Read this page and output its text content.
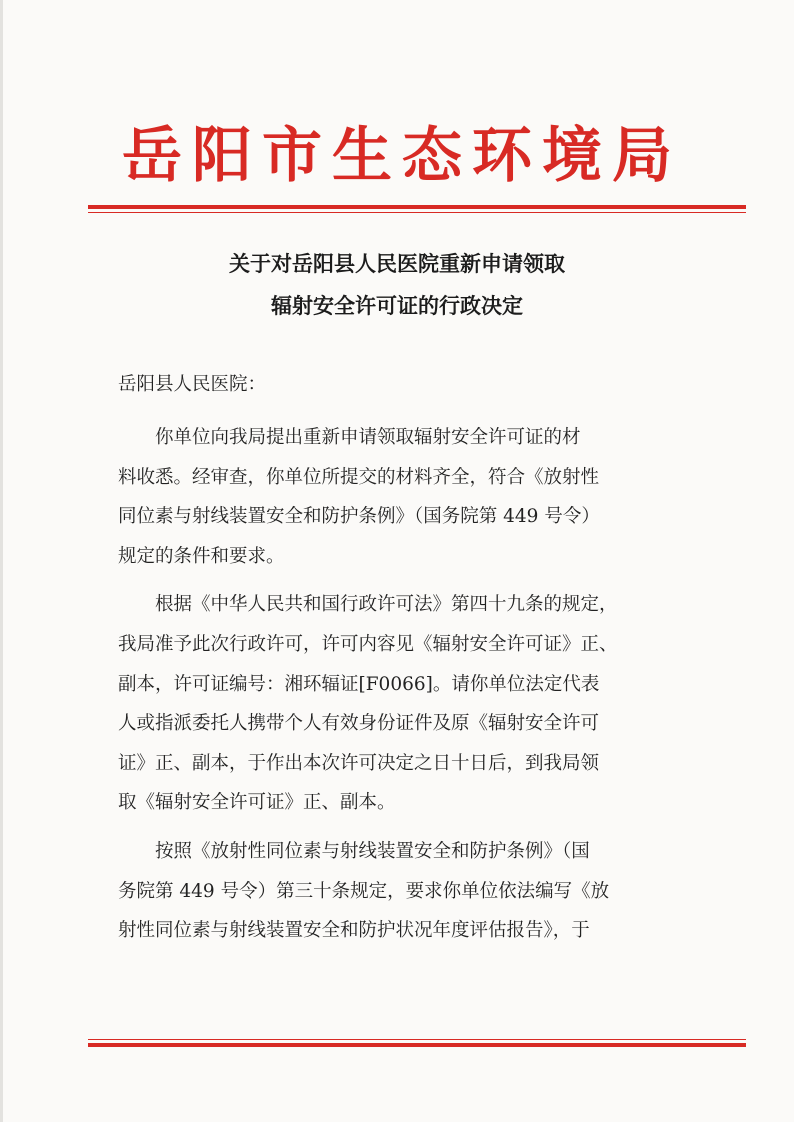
岳阳市生态环境局
关于对岳阳县人民医院重新申请领取
辐射安全许可证的行政决定
岳阳县人民医院：

你单位向我局提出重新申请领取辐射安全许可证的材
料收悉。经审查，你单位所提交的材料齐全，符合《放射性
同位素与射线装置安全和防护条例》（国务院第 449 号令）
规定的条件和要求。

根据《中华人民共和国行政许可法》第四十九条的规定，
我局准予此次行政许可，许可内容见《辐射安全许可证》正、
副本，许可证编号：湘环辐证[F0066]。请你单位法定代表
人或指派委托人携带个人有效身份证件及原《辐射安全许可
证》正、副本，于作出本次许可决定之日十日后，到我局领
取《辐射安全许可证》正、副本。

按照《放射性同位素与射线装置安全和防护条例》（国
务院第 449 号令）第三十条规定，要求你单位依法编写《放
射性同位素与射线装置安全和防护状况年度评估报告》，于
